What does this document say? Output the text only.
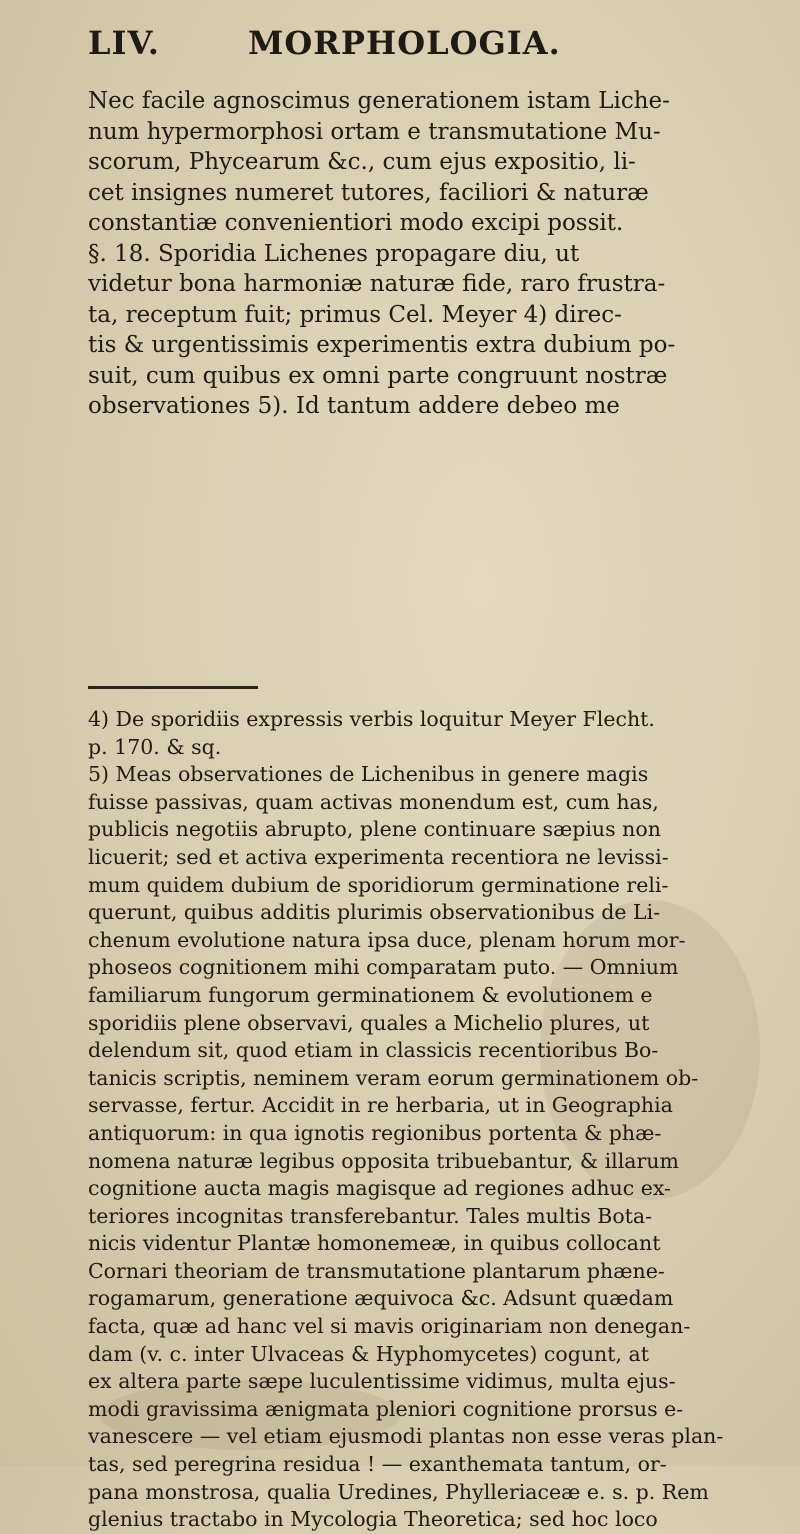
LIV.	MORPHOLOGIA.
Nec facile agnoscimus generationem istam Liche-
num hypermorphosi ortam e transmutatione Mu-
scorum, Phycearum &c., cum ejus expositio, li-
cet insignes numeret tutores, faciliori & naturæ
constantiæ convenientiori modo excipi possit.
§. 18. Sporidia Lichenes propagare diu, ut
videtur bona harmoniæ naturæ fide, raro frustra-
ta, receptum fuit; primus Cel. Meyer 4) direc-
tis & urgentissimis experimentis extra dubium po-
suit, cum quibus ex omni parte congruunt nostræ
observationes 5). Id tantum addere debeo me
4) De sporidiis expressis verbis loquitur Meyer Flecht.
p. 170. & sq.
5) Meas observationes de Lichenibus in genere magis
fuisse passivas, quam activas monendum est, cum has,
publicis negotiis abrupto, plene continuare sæpius non
licuerit; sed et activa experimenta recentiora ne levissi-
mum quidem dubium de sporidiorum germinatione reli-
querunt, quibus additis plurimis observationibus de Li-
chenum evolutione natura ipsa duce, plenam horum mor-
phoseos cognitionem mihi comparatam puto. — Omnium
familiarum fungorum germinationem & evolutionem e
sporidiis plene observavi, quales a Michelio plures, ut
delendum sit, quod etiam in classicis recentioribus Bo-
tanicis scriptis, neminem veram eorum germinationem ob-
servasse, fertur. Accidit in re herbaria, ut in Geographia
antiquorum: in qua ignotis regionibus portenta & phæ-
nomena naturæ legibus opposita tribuebantur, & illarum
cognitione aucta magis magisque ad regiones adhuc ex-
teriores incognitas transferebantur. Tales multis Bota-
nicis videntur Plantæ homonemeæ, in quibus collocant
Cornari theoriam de transmutatione plantarum phæne-
rogamarum, generatione æquivoca &c. Adsunt quædam
facta, quæ ad hanc vel si mavis originariam non denegan-
dam (v. c. inter Ulvaceas & Hyphomycetes) cogunt, at
ex altera parte sæpe luculentissime vidimus, multa ejus-
modi gravissima ænigmata pleniori cognitione prorsus e-
vanescere — vel etiam ejusmodi plantas non esse veras plan-
tas, sed peregrina residua ! — exanthemata tantum, or-
pana monstrosa, qualia Uredines, Phylleriaceæ e. s. p. Rem
glenius tractabo in Mycologia Theoretica; sed hoc loco
